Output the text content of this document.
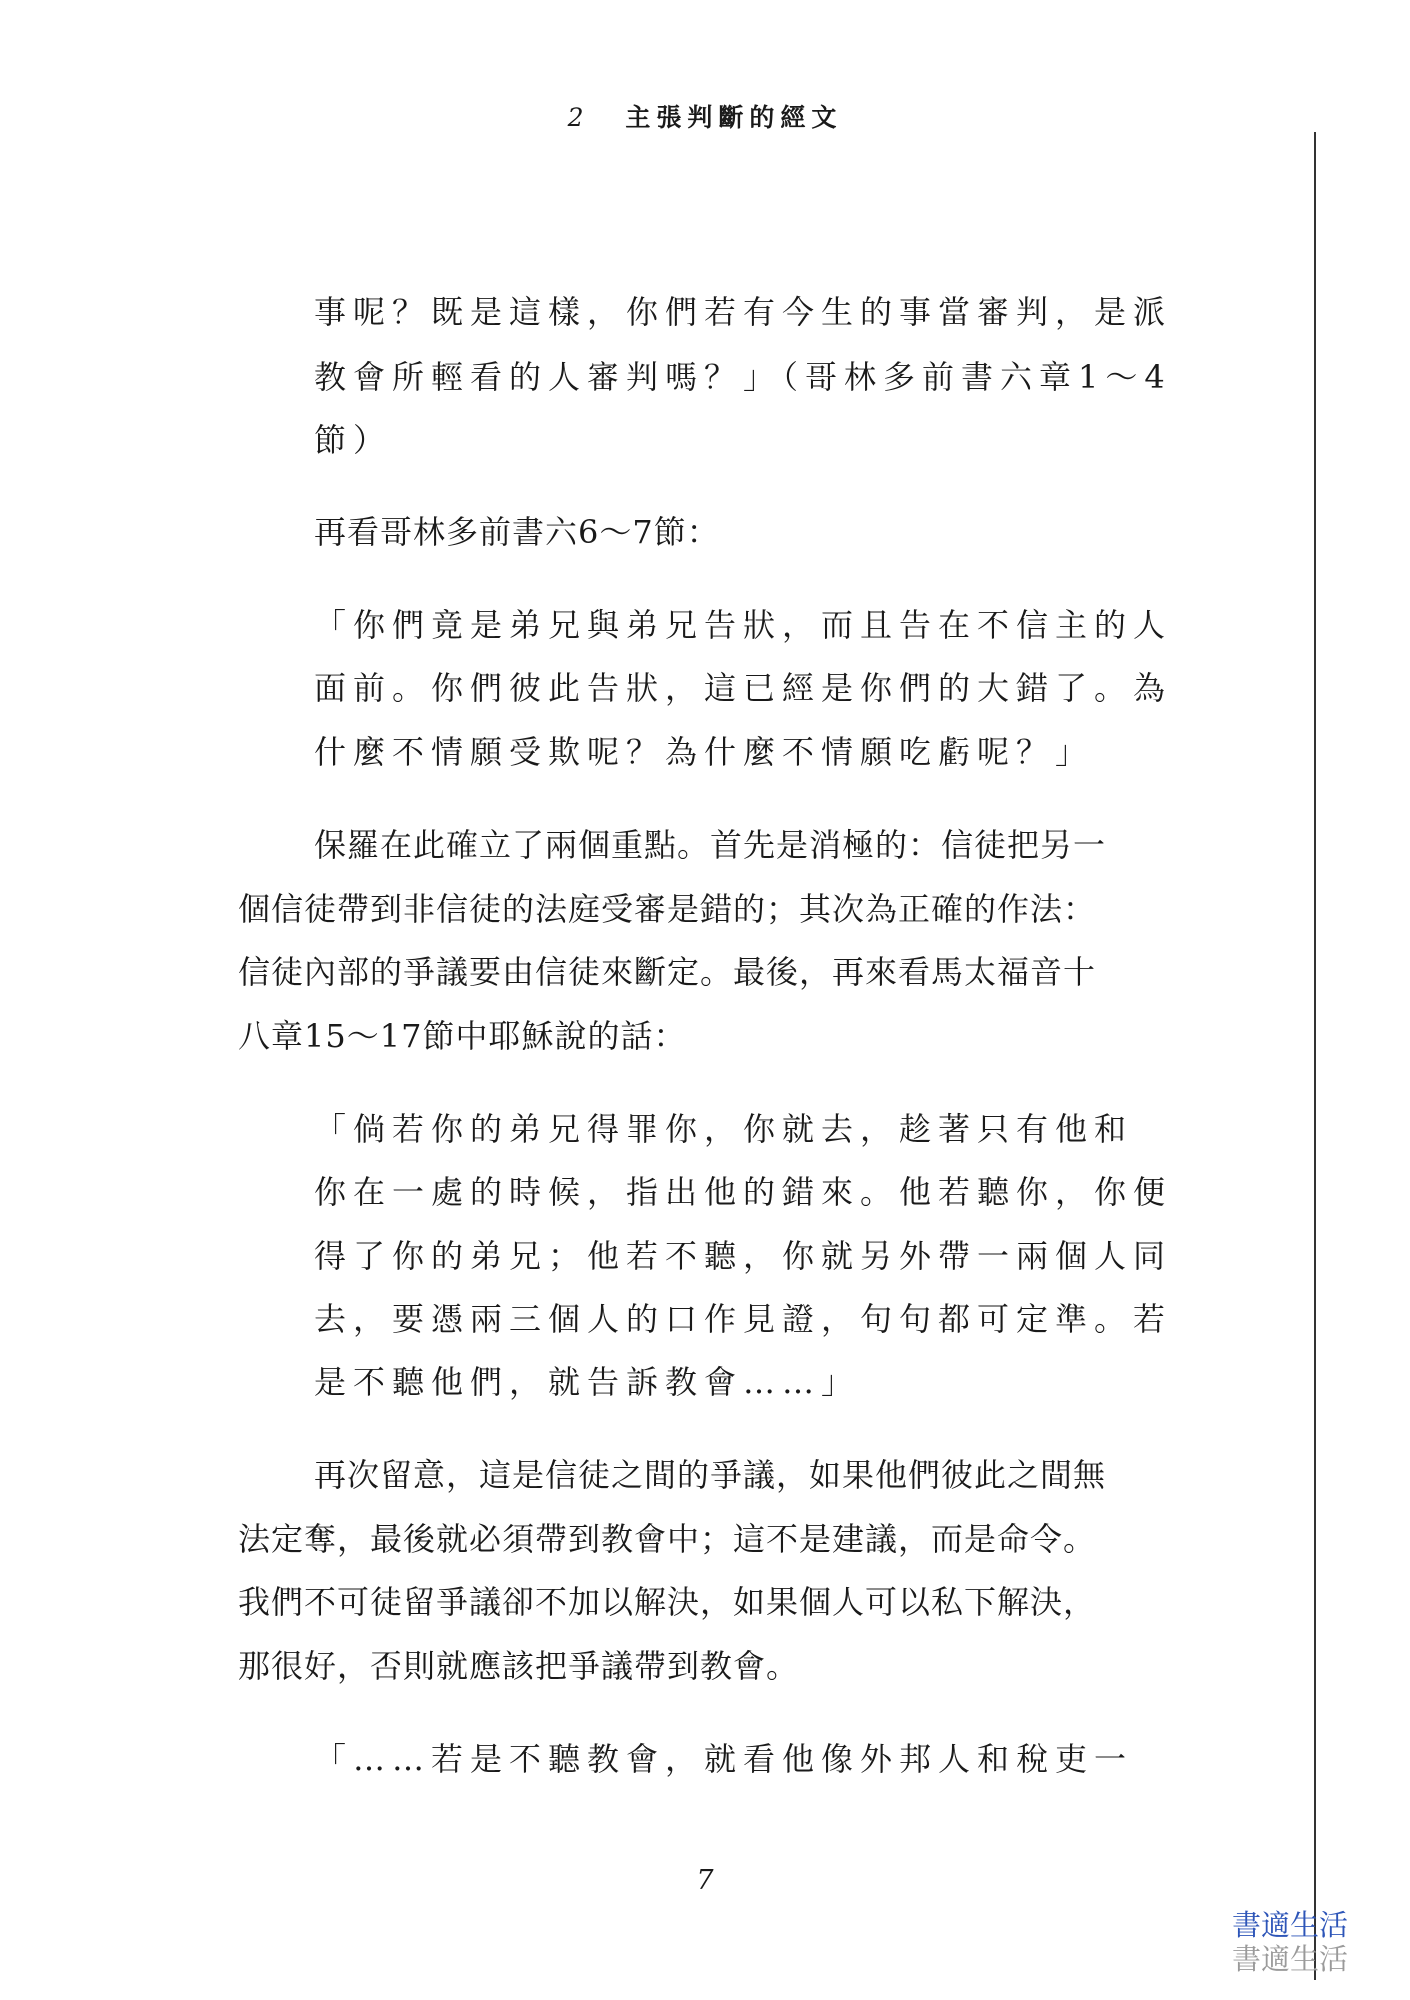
2 主張判斷的經文
事呢？既是這樣，你們若有今生的事當審判，是派
教會所輕看的人審判嗎？」（哥林多前書六章1～4
節）
再看哥林多前書六6～7節：
「你們竟是弟兄與弟兄告狀，而且告在不信主的人
面前。你們彼此告狀，這已經是你們的大錯了。為
什麼不情願受欺呢？為什麼不情願吃虧呢？」
保羅在此確立了兩個重點。首先是消極的：信徒把另一
個信徒帶到非信徒的法庭受審是錯的；其次為正確的作法：
信徒內部的爭議要由信徒來斷定。最後，再來看馬太福音十
八章15～17節中耶穌說的話：
「倘若你的弟兄得罪你，你就去，趁著只有他和
你在一處的時候，指出他的錯來。他若聽你，你便
得了你的弟兄；他若不聽，你就另外帶一兩個人同
去，要憑兩三個人的口作見證，句句都可定準。若
是不聽他們，就告訴教會……」
再次留意，這是信徒之間的爭議，如果他們彼此之間無
法定奪，最後就必須帶到教會中；這不是建議，而是命令。
我們不可徒留爭議卻不加以解決，如果個人可以私下解決，
那很好，否則就應該把爭議帶到教會。
「……若是不聽教會，就看他像外邦人和稅吏一
7
書適生活
書適生活
